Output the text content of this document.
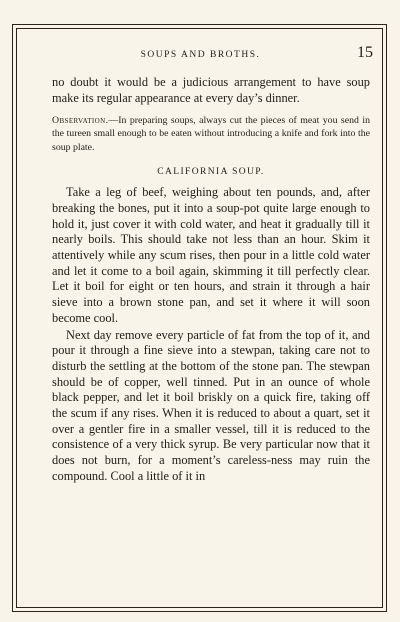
SOUPS AND BROTHS.	15

no doubt it would be a judicious arrangement to have soup make its regular appearance at every day’s dinner.

Observation.—In preparing soups, always cut the pieces of meat you send in the tureen small enough to be eaten without introducing a knife and fork into the soup plate.

CALIFORNIA SOUP.

Take a leg of beef, weighing about ten pounds, and, after breaking the bones, put it into a soup-pot quite large enough to hold it, just cover it with cold water, and heat it gradually till it nearly boils. This should take not less than an hour. Skim it attentively while any scum rises, then pour in a little cold water and let it come to a boil again, skimming it till perfectly clear. Let it boil for eight or ten hours, and strain it through a hair sieve into a brown stone pan, and set it where it will soon become cool.

Next day remove every particle of fat from the top of it, and pour it through a fine sieve into a stewpan, taking care not to disturb the settling at the bottom of the stone pan. The stewpan should be of copper, well tinned. Put in an ounce of whole black pepper, and let it boil briskly on a quick fire, taking off the scum if any rises. When it is reduced to about a quart, set it over a gentler fire in a smaller vessel, till it is reduced to the consistence of a very thick syrup. Be very particular now that it does not burn, for a moment’s careless-ness may ruin the compound. Cool a little of it in
